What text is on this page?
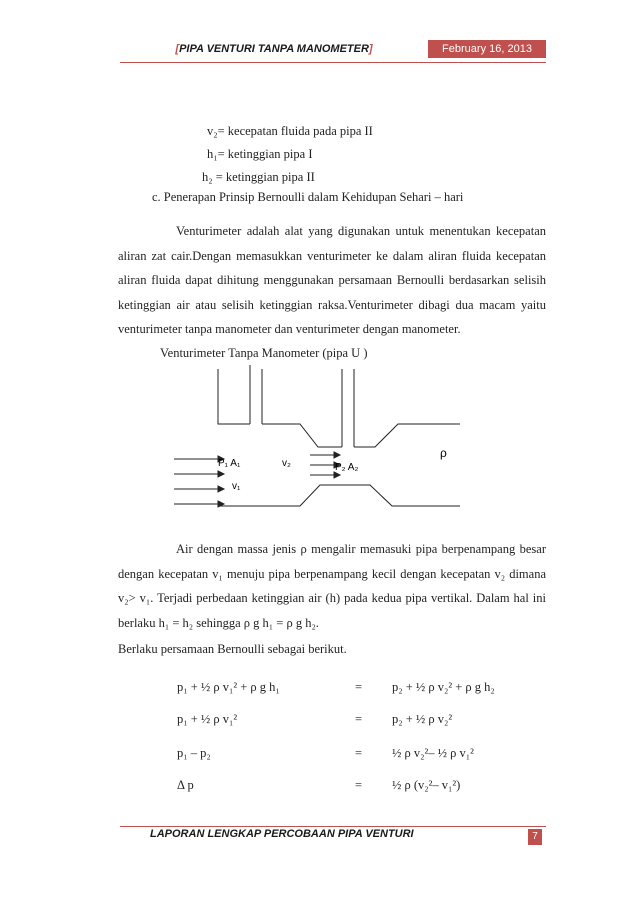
[PIPA VENTURI TANPA MANOMETER]	February 16, 2013
v₂= kecepatan fluida pada pipa II
h₁= ketinggian pipa I
h₂ = ketinggian pipa II
c. Penerapan Prinsip Bernoulli dalam Kehidupan Sehari – hari
Venturimeter adalah alat yang digunakan untuk menentukan kecepatan aliran zat cair.Dengan memasukkan venturimeter ke dalam aliran fluida kecepatan aliran fluida dapat dihitung menggunakan persamaan Bernoulli berdasarkan selisih ketinggian air atau selisih ketinggian raksa.Venturimeter dibagi dua macam yaitu venturimeter tanpa manometer dan venturimeter dengan manometer.
Venturimeter Tanpa Manometer (pipa U )
P₁ A₁	v₂	P₂ A₂
v₁
ρ
Air dengan massa jenis ρ mengalir memasuki pipa berpenampang besar dengan kecepatan v₁ menuju pipa berpenampang kecil dengan kecepatan v₂ dimana v₂> v₁. Terjadi perbedaan ketinggian air (h) pada kedua pipa vertikal. Dalam hal ini berlaku h₁ = h₂ sehingga ρ g h₁ = ρ g h₂.
Berlaku persamaan Bernoulli sebagai berikut.
p₁ + ½ ρ v₁² + ρ g h₁	= p₂ + ½ ρ v₂² + ρ g h₂
p₁ + ½ ρ v₁²	= p₂ + ½ ρ v₂²
p₁ – p₂	= ½ ρ v₂²– ½ ρ v₁²
Δ p	= ½ ρ (v₂²– v₁²)
LAPORAN LENGKAP PERCOBAAN PIPA VENTURI	7
